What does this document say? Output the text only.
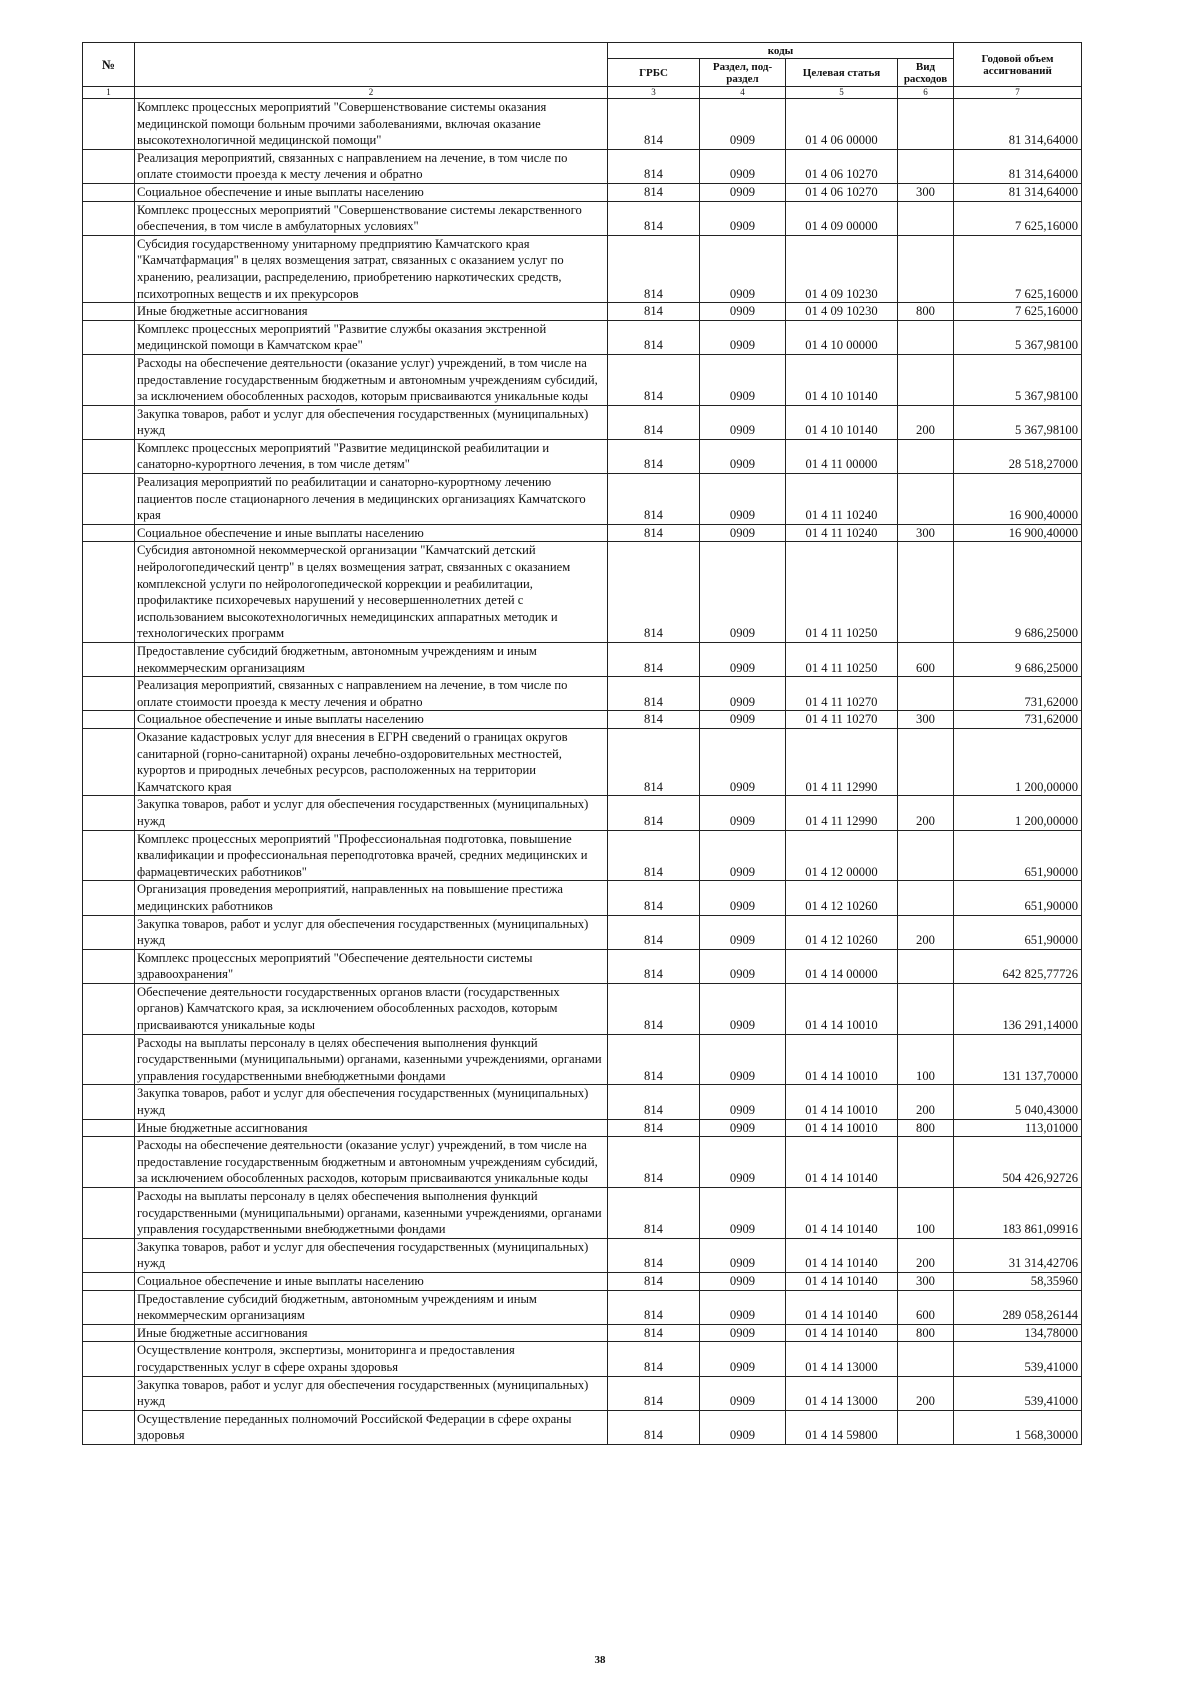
№		коды				Годовой объем ассигнований
		ГРБС	Раздел, под-раздел	Целевая статья	Вид расходов	
1	2	3	4	5	6	7
	Комплекс процессных мероприятий "Совершенствование системы оказания медицинской помощи больным прочими заболеваниями, включая оказание высокотехнологичной медицинской помощи"	814	0909	01 4 06 00000		81 314,64000
	Реализация мероприятий, связанных с направлением на лечение, в том числе по оплате стоимости проезда к месту лечения и обратно	814	0909	01 4 06 10270		81 314,64000
	Социальное обеспечение и иные выплаты населению	814	0909	01 4 06 10270	300	81 314,64000
	Комплекс процессных мероприятий "Совершенствование системы лекарственного обеспечения, в том числе в амбулаторных условиях"	814	0909	01 4 09 00000		7 625,16000
	Субсидия государственному унитарному предприятию Камчатского края "Камчатфармация" в целях возмещения затрат, связанных с оказанием услуг по хранению, реализации, распределению, приобретению наркотических средств, психотропных веществ и их прекурсоров	814	0909	01 4 09 10230		7 625,16000
	Иные бюджетные ассигнования	814	0909	01 4 09 10230	800	7 625,16000
	Комплекс процессных мероприятий "Развитие службы оказания экстренной медицинской помощи в Камчатском крае"	814	0909	01 4 10 00000		5 367,98100
	Расходы на обеспечение деятельности (оказание услуг) учреждений, в том числе на предоставление государственным бюджетным и автономным учреждениям субсидий, за исключением обособленных расходов, которым присваиваются уникальные коды	814	0909	01 4 10 10140		5 367,98100
	Закупка товаров, работ и услуг для обеспечения государственных (муниципальных) нужд	814	0909	01 4 10 10140	200	5 367,98100
	Комплекс процессных мероприятий "Развитие медицинской реабилитации и санаторно-курортного лечения, в том числе детям"	814	0909	01 4 11 00000		28 518,27000
	Реализация мероприятий по реабилитации и санаторно-курортному лечению пациентов после стационарного лечения в медицинских организациях Камчатского края	814	0909	01 4 11 10240		16 900,40000
	Социальное обеспечение и иные выплаты населению	814	0909	01 4 11 10240	300	16 900,40000
	Субсидия автономной некоммерческой организации "Камчатский детский нейрологопедический центр" в целях возмещения затрат, связанных с оказанием комплексной услуги по нейрологопедической коррекции и реабилитации, профилактике психоречевых нарушений у несовершеннолетних детей с использованием высокотехнологичных немедицинских аппаратных методик и технологических программ	814	0909	01 4 11 10250		9 686,25000
	Предоставление субсидий бюджетным, автономным учреждениям и иным некоммерческим организациям	814	0909	01 4 11 10250	600	9 686,25000
	Реализация мероприятий, связанных с направлением на лечение, в том числе по оплате стоимости проезда к месту лечения и обратно	814	0909	01 4 11 10270		731,62000
	Социальное обеспечение и иные выплаты населению	814	0909	01 4 11 10270	300	731,62000
	Оказание кадастровых услуг для внесения в ЕГРН сведений о границах округов санитарной (горно-санитарной) охраны лечебно-оздоровительных местностей, курортов и природных лечебных ресурсов, расположенных на территории Камчатского края	814	0909	01 4 11 12990		1 200,00000
	Закупка товаров, работ и услуг для обеспечения государственных (муниципальных) нужд	814	0909	01 4 11 12990	200	1 200,00000
	Комплекс процессных мероприятий "Профессиональная подготовка, повышение квалификации и профессиональная переподготовка врачей, средних медицинских и фармацевтических работников"	814	0909	01 4 12 00000		651,90000
	Организация проведения мероприятий, направленных на повышение престижа медицинских работников	814	0909	01 4 12 10260		651,90000
	Закупка товаров, работ и услуг для обеспечения государственных (муниципальных) нужд	814	0909	01 4 12 10260	200	651,90000
	Комплекс процессных мероприятий "Обеспечение деятельности системы здравоохранения"	814	0909	01 4 14 00000		642 825,77726
	Обеспечение деятельности государственных органов власти (государственных органов) Камчатского края, за исключением обособленных расходов, которым присваиваются уникальные коды	814	0909	01 4 14 10010		136 291,14000
	Расходы на выплаты персоналу в целях обеспечения выполнения функций государственными (муниципальными) органами, казенными учреждениями, органами управления государственными внебюджетными фондами	814	0909	01 4 14 10010	100	131 137,70000
	Закупка товаров, работ и услуг для обеспечения государственных (муниципальных) нужд	814	0909	01 4 14 10010	200	5 040,43000
	Иные бюджетные ассигнования	814	0909	01 4 14 10010	800	113,01000
	Расходы на обеспечение деятельности (оказание услуг) учреждений, в том числе на предоставление государственным бюджетным и автономным учреждениям субсидий, за исключением обособленных расходов, которым присваиваются уникальные коды	814	0909	01 4 14 10140		504 426,92726
	Расходы на выплаты персоналу в целях обеспечения выполнения функций государственными (муниципальными) органами, казенными учреждениями, органами управления государственными внебюджетными фондами	814	0909	01 4 14 10140	100	183 861,09916
	Закупка товаров, работ и услуг для обеспечения государственных (муниципальных) нужд	814	0909	01 4 14 10140	200	31 314,42706
	Социальное обеспечение и иные выплаты населению	814	0909	01 4 14 10140	300	58,35960
	Предоставление субсидий бюджетным, автономным учреждениям и иным некоммерческим организациям	814	0909	01 4 14 10140	600	289 058,26144
	Иные бюджетные ассигнования	814	0909	01 4 14 10140	800	134,78000
	Осуществление контроля, экспертизы, мониторинга и предоставления государственных услуг в сфере охраны здоровья	814	0909	01 4 14 13000		539,41000
	Закупка товаров, работ и услуг для обеспечения государственных (муниципальных) нужд	814	0909	01 4 14 13000	200	539,41000
	Осуществление переданных полномочий Российской Федерации в сфере охраны здоровья	814	0909	01 4 14 59800		1 568,30000
38
